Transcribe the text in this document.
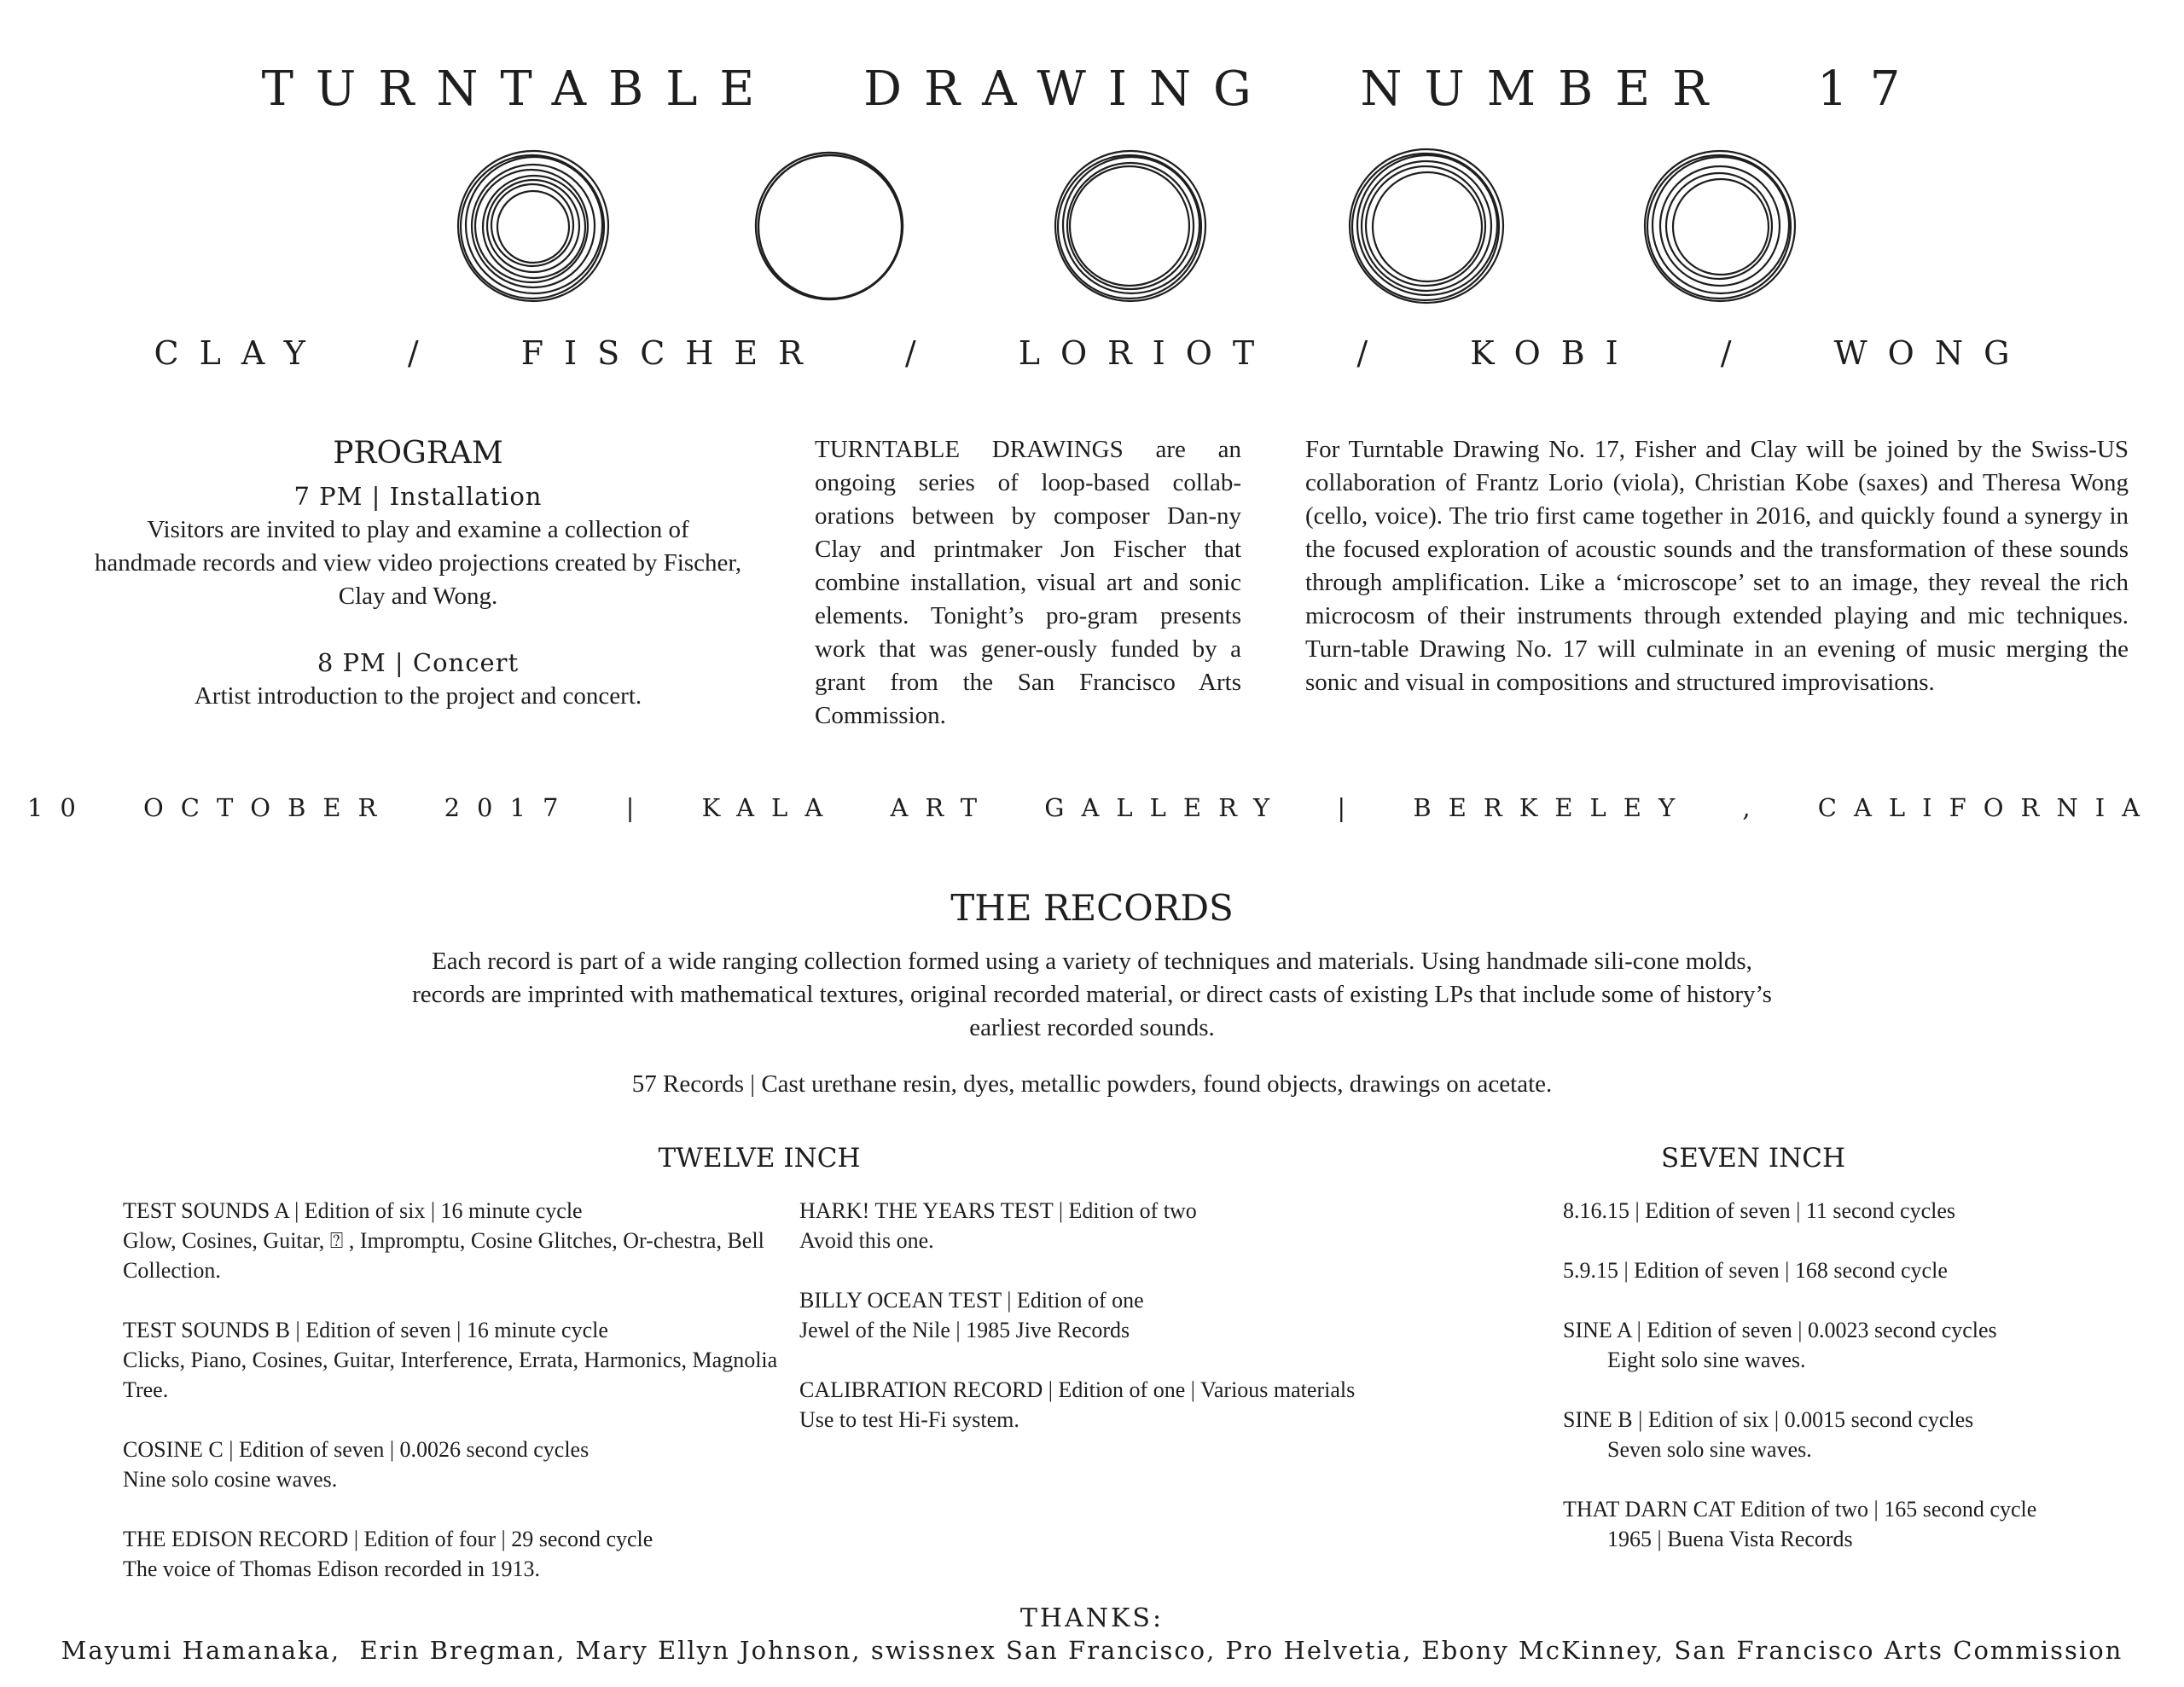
TURNTABLE DRAWING NUMBER 17
CLAY / FISCHER / LORIOT / KOBI / WONG
PROGRAM

7 PM | Installation

Visitors are invited to play and examine a collection of handmade records and view video projections created by Fischer, Clay and Wong.

8 PM | Concert

Artist introduction to the project and concert.

TURNTABLE DRAWINGS are an ongoing series of loop-based collab-orations between by composer Dan-ny Clay and printmaker Jon Fischer that combine installation, visual art and sonic elements. Tonight’s pro-gram presents work that was gener-ously funded by a grant from the San Francisco Arts Commission.
For Turntable Drawing No. 17, Fisher and Clay will be joined by the Swiss-US collaboration of Frantz Lorio (viola), Christian Kobe (saxes) and Theresa Wong (cello, voice). The trio first came together in 2016, and quickly found a synergy in the focused exploration of acoustic sounds and the transformation of these sounds through amplification. Like a ‘microscope’ set to an image, they reveal the rich microcosm of their instruments through extended playing and mic techniques. Turn-table Drawing No. 17 will culminate in an evening of music merging the sonic and visual in compositions and structured improvisations.
10 OCTOBER 2017 | KALA ART GALLERY | BERKELEY , CALIFORNIA
THE RECORDS
Each record is part of a wide ranging collection formed using a variety of techniques and materials. Using handmade sili-cone molds, records are imprinted with mathematical textures, original recorded material, or direct casts of existing LPs that include some of history’s earliest recorded sounds.
57 Records | Cast urethane resin, dyes, metallic powders, found objects, drawings on acetate.
TWELVE INCH	SEVEN INCH
TEST SOUNDS A | Edition of six | 16 minute cycle
Glow, Cosines, Guitar, ⍰ , Impromptu, Cosine Glitches, Or-chestra, Bell Collection.
TEST SOUNDS B | Edition of seven | 16 minute cycle
Clicks, Piano, Cosines, Guitar, Interference, Errata, Harmonics, Magnolia Tree.
COSINE C | Edition of seven | 0.0026 second cycles
Nine solo cosine waves.
THE EDISON RECORD | Edition of four | 29 second cycle
The voice of Thomas Edison recorded in 1913.
HARK! THE YEARS TEST | Edition of two
Avoid this one.
BILLY OCEAN TEST | Edition of one
Jewel of the Nile | 1985 Jive Records
CALIBRATION RECORD | Edition of one | Various materials
Use to test Hi-Fi system.
8.16.15 | Edition of seven | 11 second cycles
5.9.15 | Edition of seven | 168 second cycle
SINE A | Edition of seven | 0.0023 second cycles
Eight solo sine waves.
SINE B | Edition of six | 0.0015 second cycles
Seven solo sine waves.
THAT DARN CAT Edition of two | 165 second cycle
1965 | Buena Vista Records
THANKS:
Mayumi Hamanaka,  Erin Bregman, Mary Ellyn Johnson, swissnex San Francisco, Pro Helvetia, Ebony McKinney, San Francisco Arts Commission
